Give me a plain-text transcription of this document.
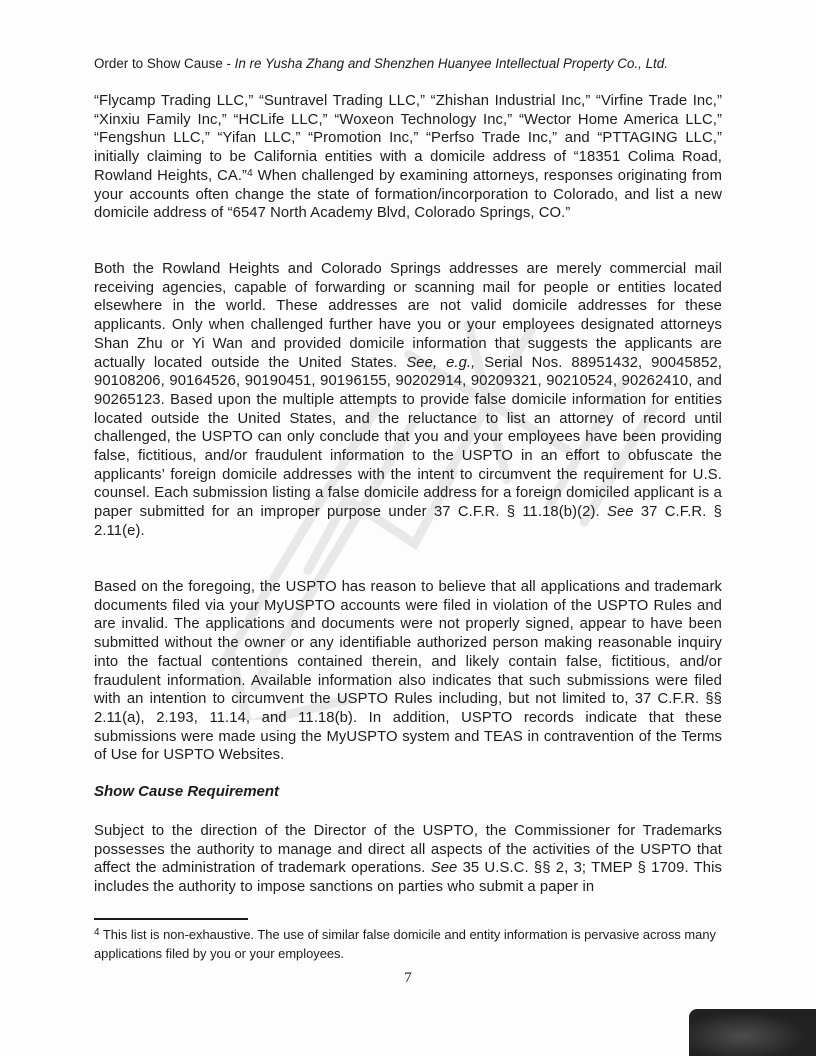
Order to Show Cause - In re Yusha Zhang and Shenzhen Huanyee Intellectual Property Co., Ltd.

“Flycamp Trading LLC,” “Suntravel Trading LLC,” “Zhishan Industrial Inc,” “Virfine Trade Inc,” “Xinxiu Family Inc,” “HCLife LLC,” “Woxeon Technology Inc,” “Wector Home America LLC,” “Fengshun LLC,” “Yifan LLC,” “Promotion Inc,” “Perfso Trade Inc,” and “PTTAGING LLC,” initially claiming to be California entities with a domicile address of “18351 Colima Road, Rowland Heights, CA.”$^4$ When challenged by examining attorneys, responses originating from your accounts often change the state of formation/incorporation to Colorado, and list a new domicile address of “6547 North Academy Blvd, Colorado Springs, CO.”

Both the Rowland Heights and Colorado Springs addresses are merely commercial mail receiving agencies, capable of forwarding or scanning mail for people or entities located elsewhere in the world. These addresses are not valid domicile addresses for these applicants. Only when challenged further have you or your employees designated attorneys Shan Zhu or Yi Wan and provided domicile information that suggests the applicants are actually located outside the United States. See, e.g., Serial Nos. 88951432, 90045852, 90108206, 90164526, 90190451, 90196155, 90202914, 90209321, 90210524, 90262410, and 90265123. Based upon the multiple attempts to provide false domicile information for entities located outside the United States, and the reluctance to list an attorney of record until challenged, the USPTO can only conclude that you and your employees have been providing false, fictitious, and/or fraudulent information to the USPTO in an effort to obfuscate the applicants’ foreign domicile addresses with the intent to circumvent the requirement for U.S. counsel. Each submission listing a false domicile address for a foreign domiciled applicant is a paper submitted for an improper purpose under 37 C.F.R. § 11.18(b)(2). See 37 C.F.R. § 2.11(e).

Based on the foregoing, the USPTO has reason to believe that all applications and trademark documents filed via your MyUSPTO accounts were filed in violation of the USPTO Rules and are invalid. The applications and documents were not properly signed, appear to have been submitted without the owner or any identifiable authorized person making reasonable inquiry into the factual contentions contained therein, and likely contain false, fictitious, and/or fraudulent information. Available information also indicates that such submissions were filed with an intention to circumvent the USPTO Rules including, but not limited to, 37 C.F.R. §§ 2.11(a), 2.193, 11.14, and 11.18(b). In addition, USPTO records indicate that these submissions were made using the MyUSPTO system and TEAS in contravention of the Terms of Use for USPTO Websites.

Show Cause Requirement

Subject to the direction of the Director of the USPTO, the Commissioner for Trademarks possesses the authority to manage and direct all aspects of the activities of the USPTO that affect the administration of trademark operations. See 35 U.S.C. §§ 2, 3; TMEP § 1709. This includes the authority to impose sanctions on parties who submit a paper in

$^4$ This list is non-exhaustive. The use of similar false domicile and entity information is pervasive across many applications filed by you or your employees.

7
